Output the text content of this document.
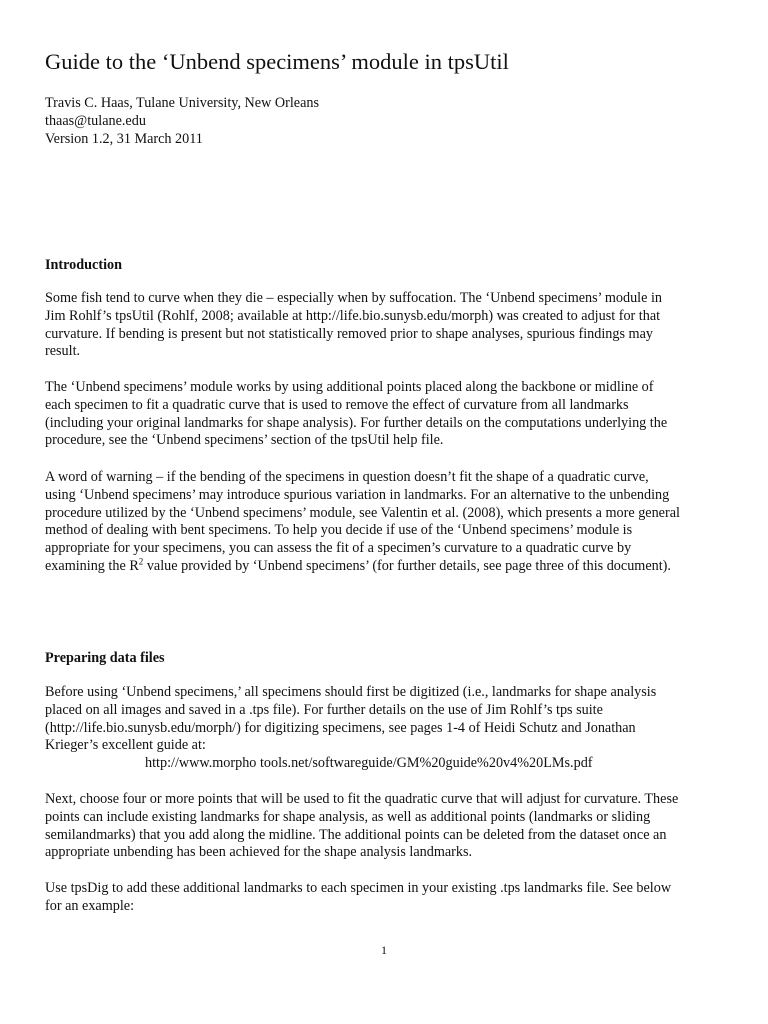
Guide to the ‘Unbend specimens’ module in tpsUtil
Travis C. Haas, Tulane University, New Orleans
thaas@tulane.edu
Version 1.2, 31 March 2011
Introduction
Some fish tend to curve when they die – especially when by suffocation. The ‘Unbend specimens’ module in
Jim Rohlf’s tpsUtil (Rohlf, 2008; available at http://life.bio.sunysb.edu/morph) was created to adjust for that
curvature. If bending is present but not statistically removed prior to shape analyses, spurious findings may
result.
The ‘Unbend specimens’ module works by using additional points placed along the backbone or midline of
each specimen to fit a quadratic curve that is used to remove the effect of curvature from all landmarks
(including your original landmarks for shape analysis). For further details on the computations underlying the
procedure, see the ‘Unbend specimens’ section of the tpsUtil help file.
A word of warning – if the bending of the specimens in question doesn’t fit the shape of a quadratic curve,
using ‘Unbend specimens’ may introduce spurious variation in landmarks. For an alternative to the unbending
procedure utilized by the ‘Unbend specimens’ module, see Valentin et al. (2008), which presents a more general
method of dealing with bent specimens. To help you decide if use of the ‘Unbend specimens’ module is
appropriate for your specimens, you can assess the fit of a specimen’s curvature to a quadratic curve by
examining the $R^2$ value provided by ‘Unbend specimens’ (for further details, see page three of this document).
Preparing data files
Before using ‘Unbend specimens,’ all specimens should first be digitized (i.e., landmarks for shape analysis
placed on all images and saved in a .tps file). For further details on the use of Jim Rohlf’s tps suite
(http://life.bio.sunysb.edu/morph/) for digitizing specimens, see pages 1-4 of Heidi Schutz and Jonathan
Krieger’s excellent guide at:
http://www.morpho tools.net/softwareguide/GM%20guide%20v4%20LMs.pdf
Next, choose four or more points that will be used to fit the quadratic curve that will adjust for curvature. These
points can include existing landmarks for shape analysis, as well as additional points (landmarks or sliding
semilandmarks) that you add along the midline. The additional points can be deleted from the dataset once an
appropriate unbending has been achieved for the shape analysis landmarks.
Use tpsDig to add these additional landmarks to each specimen in your existing .tps landmarks file. See below
for an example:
1
